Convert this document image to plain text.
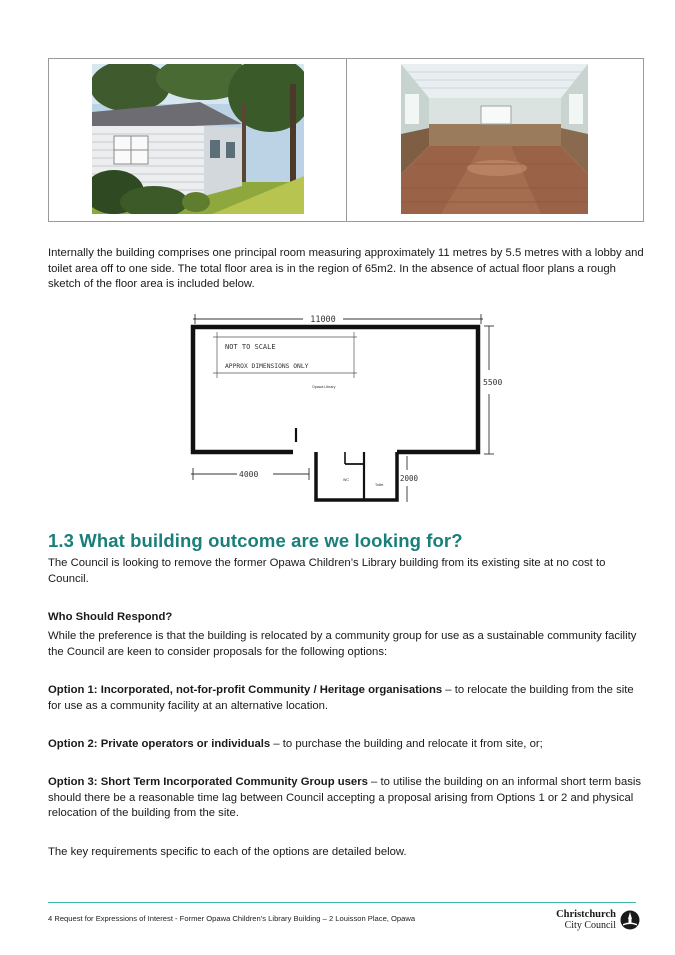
Internally the building comprises one principal room measuring approximately 11 metres by 5.5 metres with a lobby and toilet area off to one side. The total floor area is in the region of 65m2. In the absence of actual floor plans a rough sketch of the floor area is included below.

11000
5500
WC
Toilet
NOT TO SCALE
APPROX DIMENSIONS ONLY
Opawa Library
4000	2000
1.3 What building outcome are we looking for?

The Council is looking to remove the former Opawa Children’s Library building from its existing site at no cost to Council.

Who Should Respond?

While the preference is that the building is relocated by a community group for use as a sustainable community facility the Council are keen to consider proposals for the following options:

Option 1: Incorporated, not-for-profit Community / Heritage organisations – to relocate the building from the site for use as a community facility at an alternative location.

Option 2: Private operators or individuals – to purchase the building and relocate it from site, or;

Option 3: Short Term Incorporated Community Group users – to utilise the building on an informal short term basis should there be a reasonable time lag between Council accepting a proposal arising from Options 1 or 2 and physical relocation of the building from the site.

The key requirements specific to each of the options are detailed below.

4 Request for Expressions of Interest - Former Opawa Children’s Library Building – 2 Louisson Place, Opawa	Christchurch
City Council
